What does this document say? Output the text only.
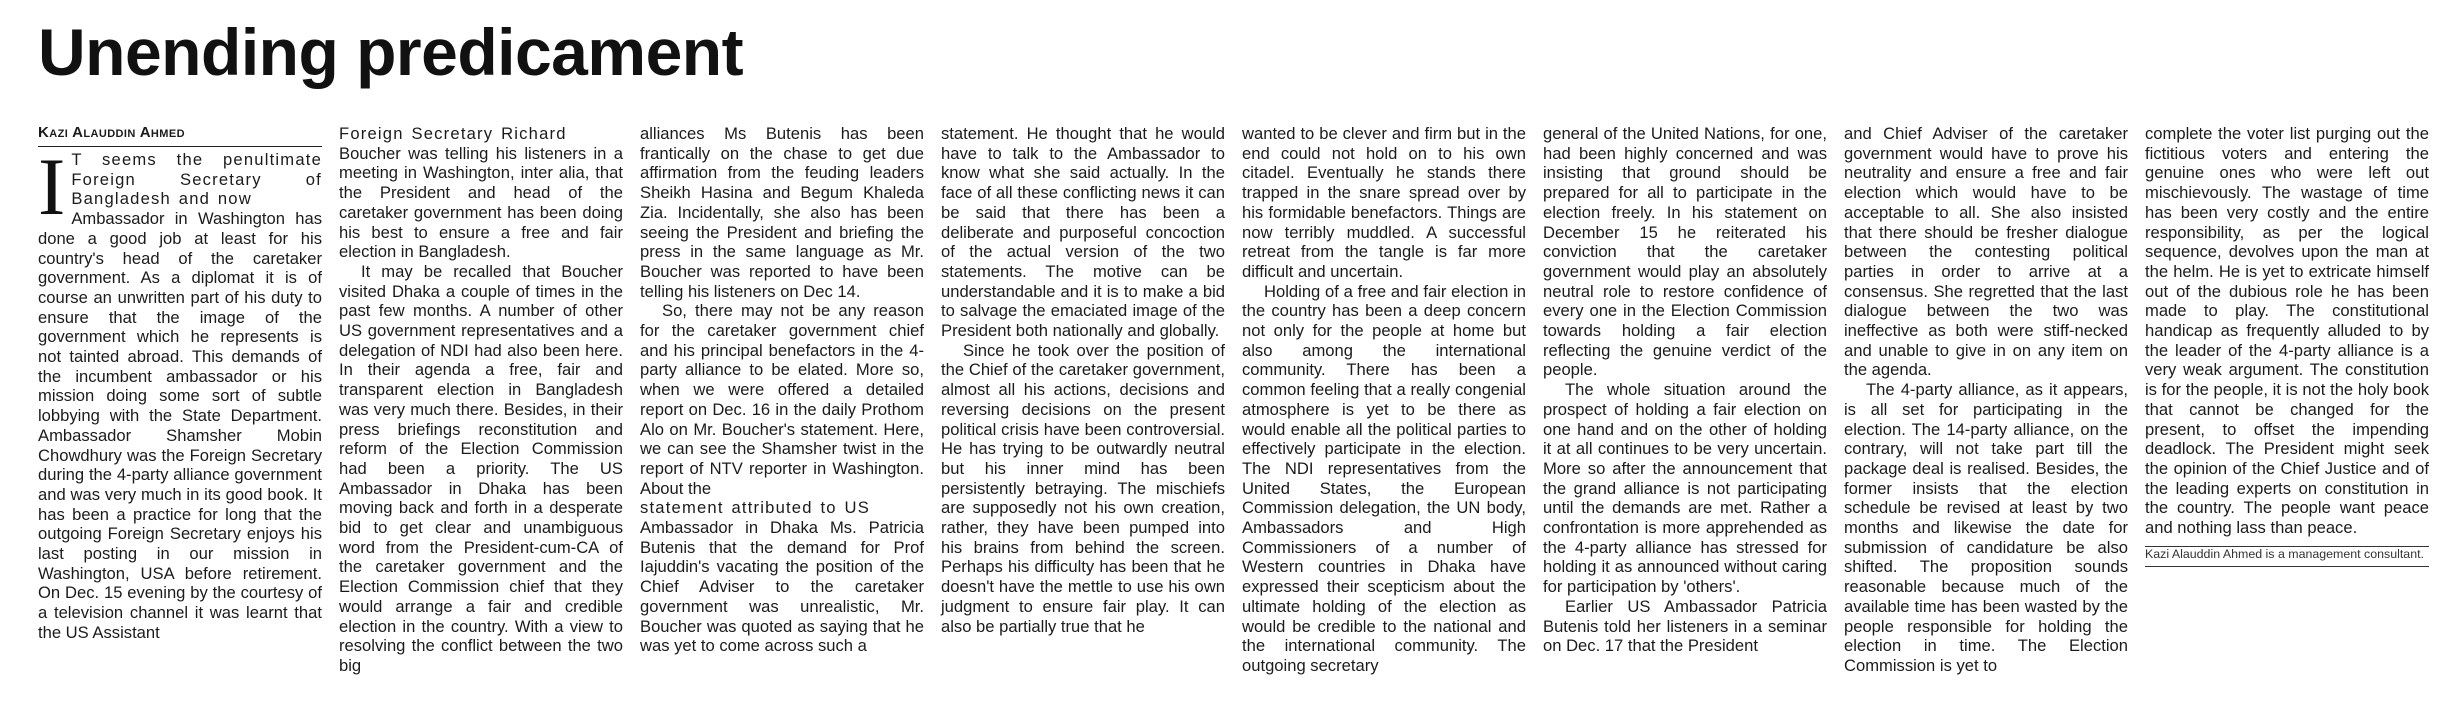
Unending predicament
Kazi Alauddin Ahmed
I T seems the penultimate Foreign Secretary of Bangladesh and now

Ambassador in Washington has done a good job at least for his country's head of the caretaker government. As a diplomat it is of course an unwritten part of his duty to ensure that the image of the government which he represents is not tainted abroad. This demands of the incumbent ambassador or his mission doing some sort of subtle lobbying with the State Department. Ambassador Shamsher Mobin Chowdhury was the Foreign Secretary during the 4-party alliance government and was very much in its good book. It has been a practice for long that the outgoing Foreign Secretary enjoys his last posting in our mission in Washington, USA before retirement. On Dec. 15 evening by the courtesy of a television channel it was learnt that the US Assistant

Foreign Secretary Richard

Boucher was telling his listeners in a meeting in Washington, inter alia, that the President and head of the caretaker government has been doing his best to ensure a free and fair election in Bangladesh.

It may be recalled that Boucher visited Dhaka a couple of times in the past few months. A number of other US government representatives and a delegation of NDI had also been here. In their agenda a free, fair and transparent election in Bangladesh was very much there. Besides, in their press briefings reconstitution and reform of the Election Commission had been a priority. The US Ambassador in Dhaka has been moving back and forth in a desperate bid to get clear and unambiguous word from the President-cum-CA of the caretaker government and the Election Commission chief that they would arrange a fair and credible election in the country. With a view to resolving the conflict between the two big

alliances Ms Butenis has been frantically on the chase to get due affirmation from the feuding leaders Sheikh Hasina and Begum Khaleda Zia. Incidentally, she also has been seeing the President and briefing the press in the same language as Mr. Boucher was reported to have been telling his listeners on Dec 14.

So, there may not be any reason for the caretaker government chief and his principal benefactors in the 4-party alliance to be elated. More so, when we were offered a detailed report on Dec. 16 in the daily Prothom Alo on Mr. Boucher's statement. Here, we can see the Shamsher twist in the report of NTV reporter in Washington. About the

statement attributed to US

Ambassador in Dhaka Ms. Patricia Butenis that the demand for Prof Iajuddin's vacating the position of the Chief Adviser to the caretaker government was unrealistic, Mr. Boucher was quoted as saying that he was yet to come across such a

statement. He thought that he would have to talk to the Ambassador to know what she said actually. In the face of all these conflicting news it can be said that there has been a deliberate and purposeful concoction of the actual version of the two statements. The motive can be understandable and it is to make a bid to salvage the emaciated image of the President both nationally and globally.

Since he took over the position of the Chief of the caretaker government, almost all his actions, decisions and reversing decisions on the present political crisis have been controversial. He has trying to be outwardly neutral but his inner mind has been persistently betraying. The mischiefs are supposedly not his own creation, rather, they have been pumped into his brains from behind the screen. Perhaps his difficulty has been that he doesn't have the mettle to use his own judgment to ensure fair play. It can also be partially true that he

wanted to be clever and firm but in the end could not hold on to his own citadel. Eventually he stands there trapped in the snare spread over by his formidable benefactors. Things are now terribly muddled. A successful retreat from the tangle is far more difficult and uncertain.

Holding of a free and fair election in the country has been a deep concern not only for the people at home but also among the international community. There has been a common feeling that a really congenial atmosphere is yet to be there as would enable all the political parties to effectively participate in the election. The NDI representatives from the United States, the European Commission delegation, the UN body, Ambassadors and High Commissioners of a number of Western countries in Dhaka have expressed their scepticism about the ultimate holding of the election as would be credible to the national and the international community. The outgoing secretary

general of the United Nations, for one, had been highly concerned and was insisting that ground should be prepared for all to participate in the election freely. In his statement on December 15 he reiterated his conviction that the caretaker government would play an absolutely neutral role to restore confidence of every one in the Election Commission towards holding a fair election reflecting the genuine verdict of the people.

The whole situation around the prospect of holding a fair election on one hand and on the other of holding it at all continues to be very uncertain. More so after the announcement that the grand alliance is not participating until the demands are met. Rather a confrontation is more apprehended as the 4-party alliance has stressed for holding it as announced without caring for participation by 'others'.

Earlier US Ambassador Patricia Butenis told her listeners in a seminar on Dec. 17 that the President

and Chief Adviser of the caretaker government would have to prove his neutrality and ensure a free and fair election which would have to be acceptable to all. She also insisted that there should be fresher dialogue between the contesting political parties in order to arrive at a consensus. She regretted that the last dialogue between the two was ineffective as both were stiff-necked and unable to give in on any item on the agenda.

The 4-party alliance, as it appears, is all set for participating in the election. The 14-party alliance, on the contrary, will not take part till the package deal is realised. Besides, the former insists that the election schedule be revised at least by two months and likewise the date for submission of candidature be also shifted. The proposition sounds reasonable because much of the available time has been wasted by the people responsible for holding the election in time. The Election Commission is yet to

complete the voter list purging out the fictitious voters and entering the genuine ones who were left out mischievously. The wastage of time has been very costly and the entire responsibility, as per the logical sequence, devolves upon the man at the helm. He is yet to extricate himself out of the dubious role he has been made to play. The constitutional handicap as frequently alluded to by the leader of the 4-party alliance is a very weak argument. The constitution is for the people, it is not the holy book that cannot be changed for the present, to offset the impending deadlock. The President might seek the opinion of the Chief Justice and of the leading experts on constitution in the country. The people want peace and nothing lass than peace.

Kazi Alauddin Ahmed is a management consultant.
